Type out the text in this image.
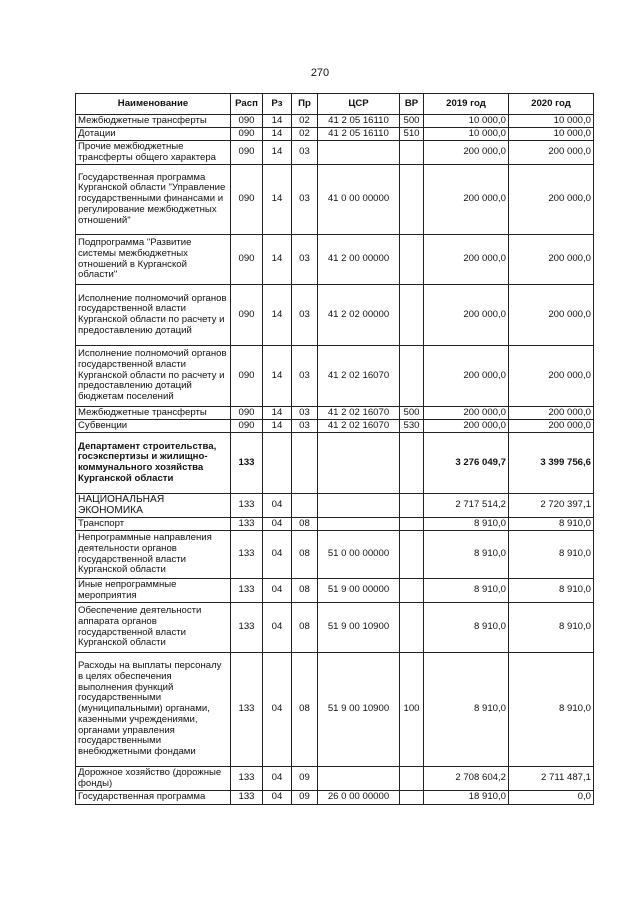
270
Наименование	Расп	Рз	Пр	ЦСР	ВР	2019 год	2020 год
Межбюджетные трансферты	090	14	02	41 2 05 16110	500	10 000,0	10 000,0
Дотации	090	14	02	41 2 05 16110	510	10 000,0	10 000,0
Прочие межбюджетные трансферты общего характера	090	14	03			200 000,0	200 000,0
Государственная программа Курганской области "Управление государственными финансами и регулирование межбюджетных отношений"	090	14	03	41 0 00 00000		200 000,0	200 000,0
Подпрограмма "Развитие системы межбюджетных отношений в Курганской области"	090	14	03	41 2 00 00000		200 000,0	200 000,0
Исполнение полномочий органов государственной власти Курганской области по расчету и предоставлению дотаций	090	14	03	41 2 02 00000		200 000,0	200 000,0
Исполнение полномочий органов государственной власти Курганской области по расчету и предоставлению дотаций бюджетам поселений	090	14	03	41 2 02 16070		200 000,0	200 000,0
Межбюджетные трансферты	090	14	03	41 2 02 16070	500	200 000,0	200 000,0
Субвенции	090	14	03	41 2 02 16070	530	200 000,0	200 000,0
Департамент строительства, госэкспертизы и жилищно-коммунального хозяйства Курганской области	133					3 276 049,7	3 399 756,6
НАЦИОНАЛЬНАЯ ЭКОНОМИКА	133	04				2 717 514,2	2 720 397,1
Транспорт	133	04	08			8 910,0	8 910,0
Непрограммные направления деятельности органов государственной власти Курганской области	133	04	08	51 0 00 00000		8 910,0	8 910,0
Иные непрограммные мероприятия	133	04	08	51 9 00 00000		8 910,0	8 910,0
Обеспечение деятельности аппарата органов государственной власти Курганской области	133	04	08	51 9 00 10900		8 910,0	8 910,0
Расходы на выплаты персоналу в целях обеспечения выполнения функций государственными (муниципальными) органами, казенными учреждениями, органами управления государственными внебюджетными фондами	133	04	08	51 9 00 10900	100	8 910,0	8 910,0
Дорожное хозяйство (дорожные фонды)	133	04	09			2 708 604,2	2 711 487,1
Государственная программа	133	04	09	26 0 00 00000		18 910,0	0,0
